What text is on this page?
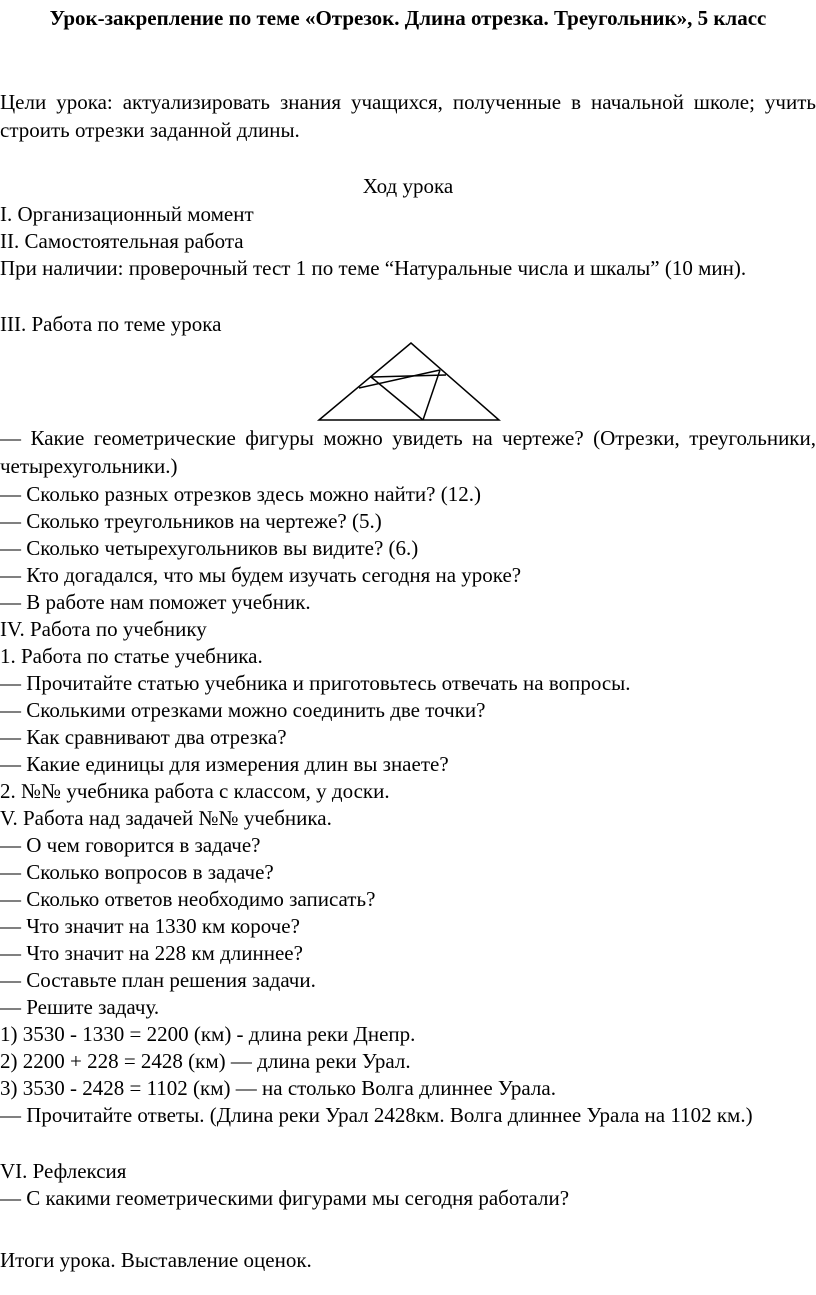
Урок-закрепление по теме «Отрезок. Длина отрезка. Треугольник», 5 класс

Цели урока: актуализировать знания учащихся, полученные в начальной школе; учить строить отрезки заданной длины.

Ход урока
I. Организационный момент
II. Самостоятельная работа

При наличии: проверочный тест 1 по теме “Натуральные числа и шкалы” (10 мин).

III. Работа по теме урока

— Какие геометрические фигуры можно увидеть на чертеже? (Отрезки, треугольники, четырехугольники.)

— Сколько разных отрезков здесь можно найти? (12.)
— Сколько треугольников на чертеже? (5.)
— Сколько четырехугольников вы видите? (6.)
— Кто догадался, что мы будем изучать сегодня на уроке?
— В работе нам поможет учебник.
IV. Работа по учебнику
1. Работа по статье учебника.
— Прочитайте статью учебника и приготовьтесь отвечать на вопросы.
— Сколькими отрезками можно соединить две точки?
— Как сравнивают два отрезка?
— Какие единицы для измерения длин вы знаете?
2. №№ учебника работа с классом, у доски.
V. Работа над задачей №№ учебника.
— О чем говорится в задаче?
— Сколько вопросов в задаче?
— Сколько ответов необходимо записать?
— Что значит на 1330 км короче?
— Что значит на 228 км длиннее?
— Составьте план решения задачи.
— Решите задачу.
1) 3530 - 1330 = 2200 (км) - длина реки Днепр.
2) 2200 + 228 = 2428 (км) — длина реки Урал.
3) 3530 - 2428 = 1102 (км) — на столько Волга длиннее Урала.

— Прочитайте ответы. (Длина реки Урал 2428км. Волга длиннее Урала на 1102 км.)

VI. Рефлексия
— С какими геометрическими фигурами мы сегодня работали?
Итоги урока. Выставление оценок.
